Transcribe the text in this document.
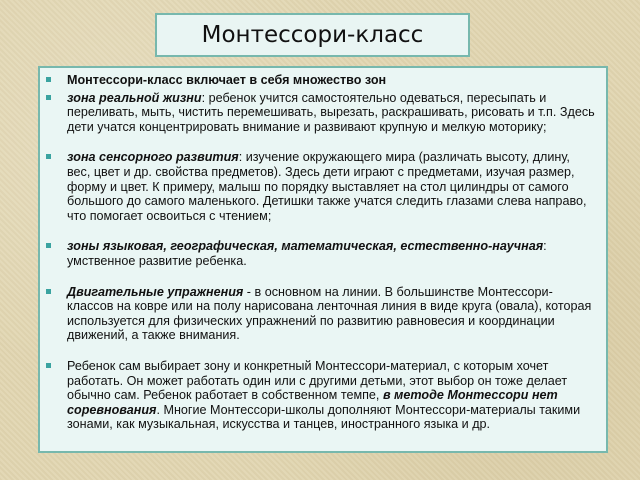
Монтессори-класс
Монтессори-класс включает в себя множество зон
зона реальной жизни: ребенок учится самостоятельно одеваться, пересыпать и переливать, мыть, чистить перемешивать, вырезать, раскрашивать, рисовать и т.п. Здесь дети учатся концентрировать внимание и развивают крупную и мелкую моторику;
зона сенсорного развития: изучение окружающего мира (различать высоту, длину, вес, цвет и др. свойства предметов). Здесь дети играют с предметами, изучая размер, форму и цвет. К примеру, малыш по порядку выставляет на стол цилиндры от самого большого до самого маленького. Детишки также учатся следить глазами слева направо, что помогает освоиться с чтением;
зоны языковая, географическая, математическая, естественно-научная: умственное развитие ребенка.
Двигательные упражнения - в основном на линии. В большинстве Монтессори-классов на ковре или на полу нарисована ленточная линия в виде круга (овала), которая используется для физических упражнений по развитию равновесия и координации движений, а также внимания.
Ребенок сам выбирает зону и конкретный Монтессори-материал, с которым хочет работать. Он может работать один или с другими детьми, этот выбор он тоже делает обычно сам. Ребенок работает в собственном темпе, в методе Монтессори нет соревнования. Многие Монтессори-школы дополняют Монтессори-материалы такими зонами, как музыкальная, искусства и танцев, иностранного языка и др.
